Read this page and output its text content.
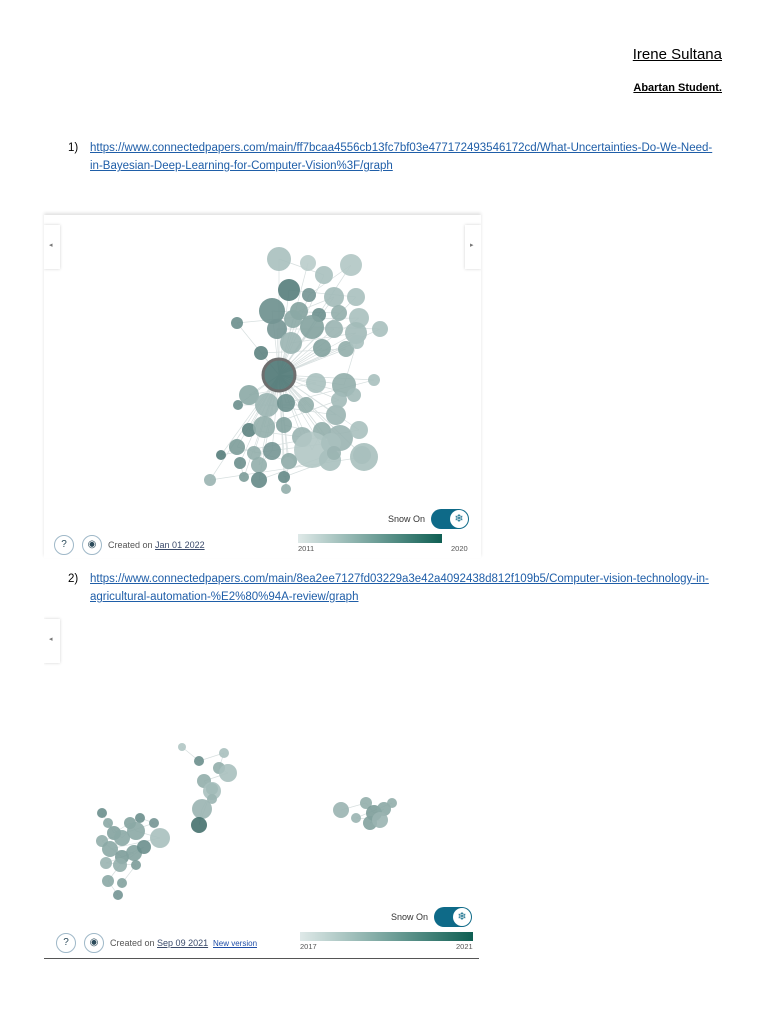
Irene Sultana
Abartan Student.
1) https://www.connectedpapers.com/main/ff7bcaa4556cb13fc7bf03e477172493546172cd/What-Uncertainties-Do-We-Need-in-Bayesian-Deep-Learning-for-Computer-Vision%3F/graph
◂	▸
Snow On	❄
2011	2020
?	◉	Created on Jan 01 2022
2) https://www.connectedpapers.com/main/8ea2ee7127fd03229a3e42a4092438d812f109b5/Computer-vision-technology-in-agricultural-automation-%E2%80%94A-review/graph
◂
Snow On	❄
2017	2021
?	◉	Created on Sep 09 2021 New version
